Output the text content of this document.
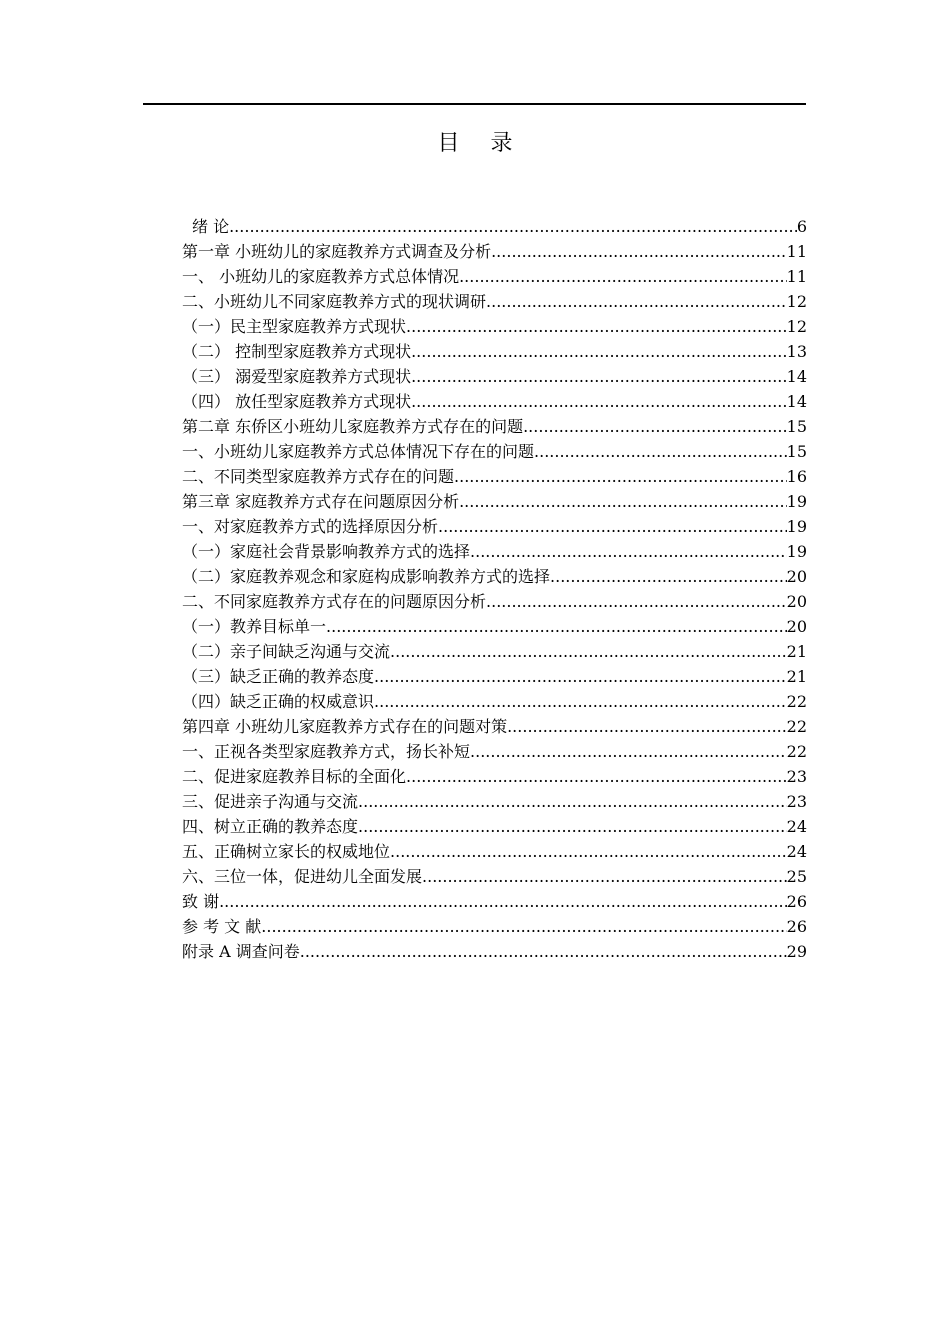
目 录
绪 论 .....	6
第一章 小班幼儿的家庭教养方式调查及分析 .....	11
一、 小班幼儿的家庭教养方式总体情况 .....	11
二、小班幼儿不同家庭教养方式的现状调研 .....	12
（一）民主型家庭教养方式现状 .....	12
（二） 控制型家庭教养方式现状 .....	13
（三） 溺爱型家庭教养方式现状 .....	14
（四） 放任型家庭教养方式现状 .....	14
第二章 东侨区小班幼儿家庭教养方式存在的问题 .....	15
一、小班幼儿家庭教养方式总体情况下存在的问题 .....	15
二、不同类型家庭教养方式存在的问题 .....	16
第三章 家庭教养方式存在问题原因分析 .....	19
一、对家庭教养方式的选择原因分析 .....	19
（一）家庭社会背景影响教养方式的选择 .....	19
（二）家庭教养观念和家庭构成影响教养方式的选择 .....	20
二、不同家庭教养方式存在的问题原因分析 .....	20
（一）教养目标单一 .....	20
（二）亲子间缺乏沟通与交流 .....	21
（三）缺乏正确的教养态度 .....	21
（四）缺乏正确的权威意识 .....	22
第四章 小班幼儿家庭教养方式存在的问题对策 .....	22
一、正视各类型家庭教养方式，扬长补短 .....	22
二、促进家庭教养目标的全面化 .....	23
三、促进亲子沟通与交流 .....	23
四、树立正确的教养态度 .....	24
五、正确树立家长的权威地位 .....	24
六、三位一体，促进幼儿全面发展 .....	25
致 谢 .....	26
参 考 文 献 .....	26
附录 A 调查问卷 .....	29
